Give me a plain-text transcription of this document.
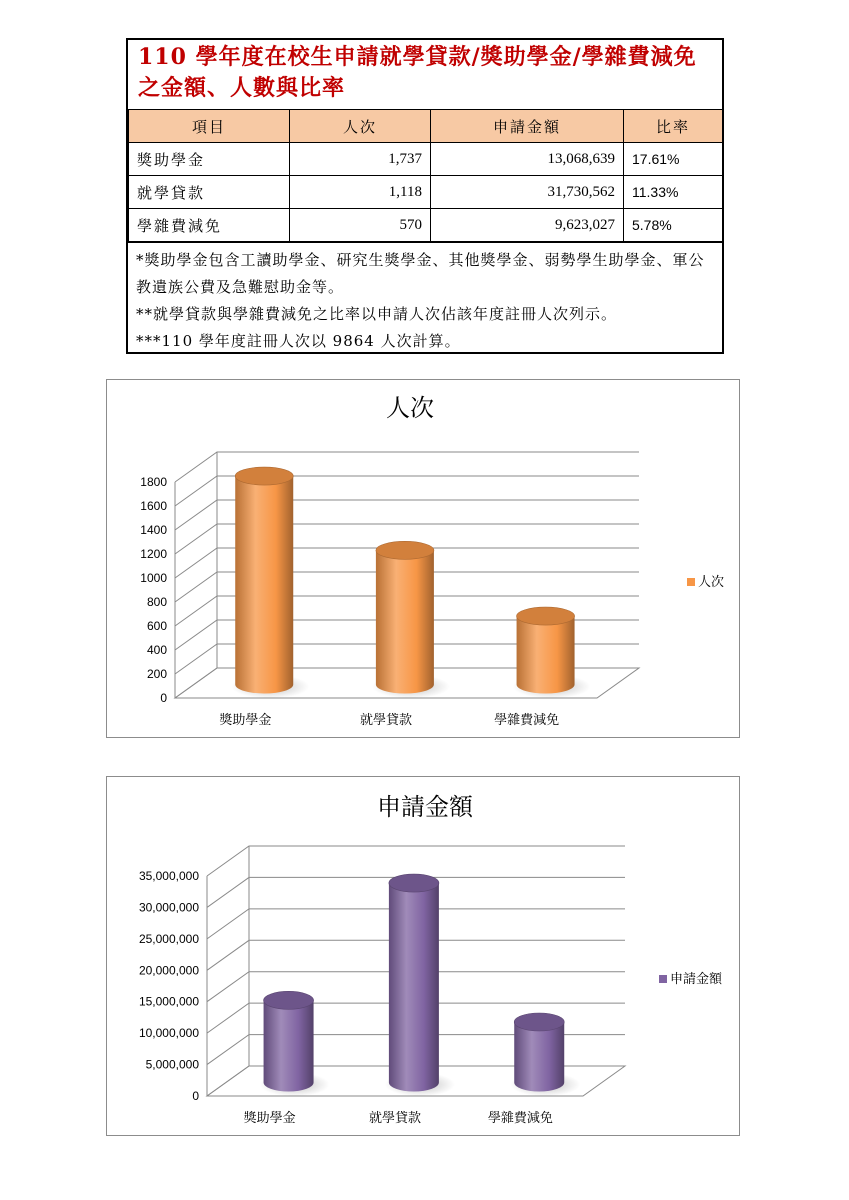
110 學年度在校生申請就學貸款/獎助學金/學雜費減免之金額、人數與比率
項目	人次	申請金額	比率
獎助學金	1,737	13,068,639	17.61%
就學貸款	1,118	31,730,562	11.33%
學雜費減免	570	9,623,027	5.78%
*獎助學金包含工讀助學金、研究生獎學金、其他獎學金、弱勢學生助學金、軍公教遺族公費及急難慰助金等。
**就學貸款與學雜費減免之比率以申請人次佔該年度註冊人次列示。
***110 學年度註冊人次以 9864 人次計算。
人次
0
200
400
600
800
1000
1200
1400
1600
1800
獎助學金	就學貸款	學雜費減免
人次
申請金額
0
5,000,000
10,000,000
15,000,000
20,000,000
25,000,000
30,000,000
35,000,000
獎助學金	就學貸款	學雜費減免
申請金額
